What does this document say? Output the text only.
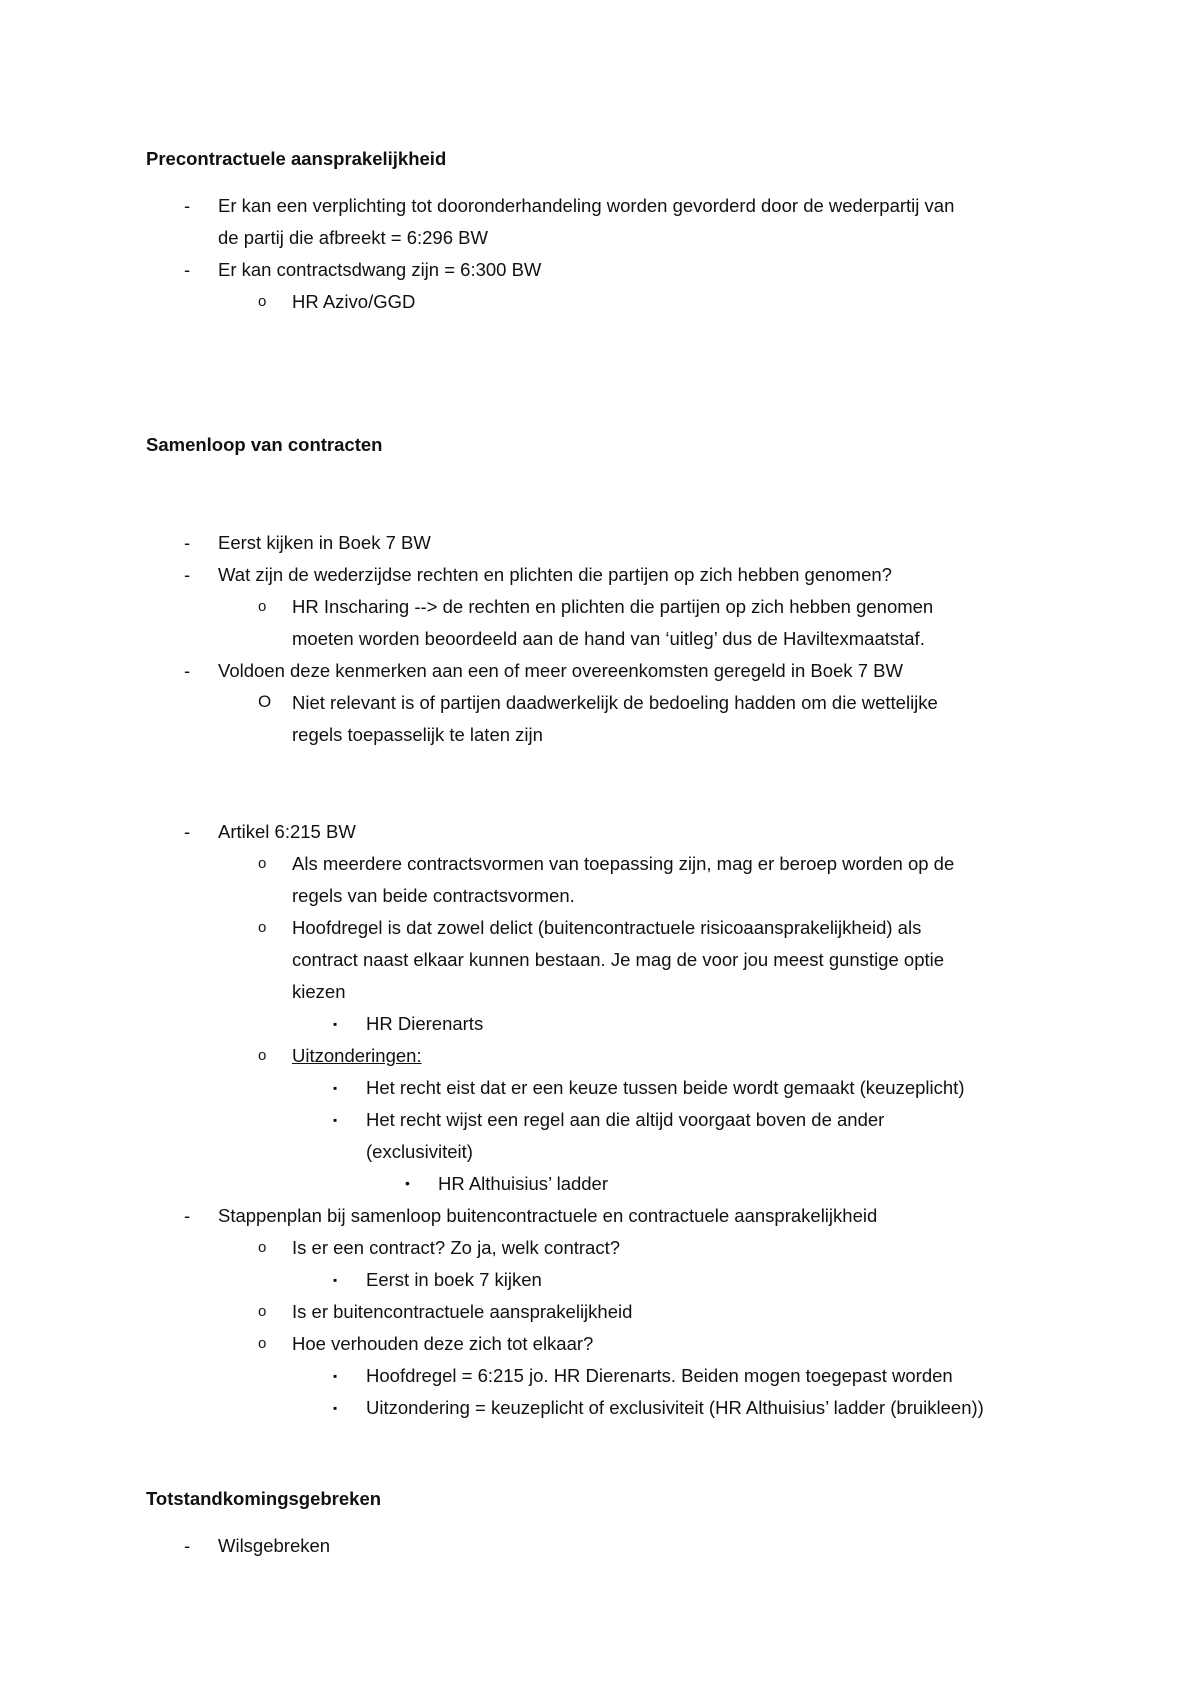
Precontractuele aansprakelijkheid
- Er kan een verplichting tot dooronderhandeling worden gevorderd door de wederpartij van
de partij die afbreekt = 6:296 BW
- Er kan contractsdwang zijn = 6:300 BW
o HR Azivo/GGD
Samenloop van contracten
- Eerst kijken in Boek 7 BW
- Wat zijn de wederzijdse rechten en plichten die partijen op zich hebben genomen?
o HR Inscharing --> de rechten en plichten die partijen op zich hebben genomen
moeten worden beoordeeld aan de hand van ‘uitleg’ dus de Haviltexmaatstaf.
- Voldoen deze kenmerken aan een of meer overeenkomsten geregeld in Boek 7 BW
O Niet relevant is of partijen daadwerkelijk de bedoeling hadden om die wettelijke
regels toepasselijk te laten zijn
- Artikel 6:215 BW
o Als meerdere contractsvormen van toepassing zijn, mag er beroep worden op de
regels van beide contractsvormen.
o Hoofdregel is dat zowel delict (buitencontractuele risicoaansprakelijkheid) als
contract naast elkaar kunnen bestaan. Je mag de voor jou meest gunstige optie
kiezen
▪ HR Dierenarts
o Uitzonderingen:
▪ Het recht eist dat er een keuze tussen beide wordt gemaakt (keuzeplicht)
▪ Het recht wijst een regel aan die altijd voorgaat boven de ander
(exclusiviteit)
• HR Althuisius’ ladder
- Stappenplan bij samenloop buitencontractuele en contractuele aansprakelijkheid
o Is er een contract? Zo ja, welk contract?
▪ Eerst in boek 7 kijken
o Is er buitencontractuele aansprakelijkheid
o Hoe verhouden deze zich tot elkaar?
▪ Hoofdregel = 6:215 jo. HR Dierenarts. Beiden mogen toegepast worden
▪ Uitzondering = keuzeplicht of exclusiviteit (HR Althuisius’ ladder (bruikleen))
Totstandkomingsgebreken
- Wilsgebreken
